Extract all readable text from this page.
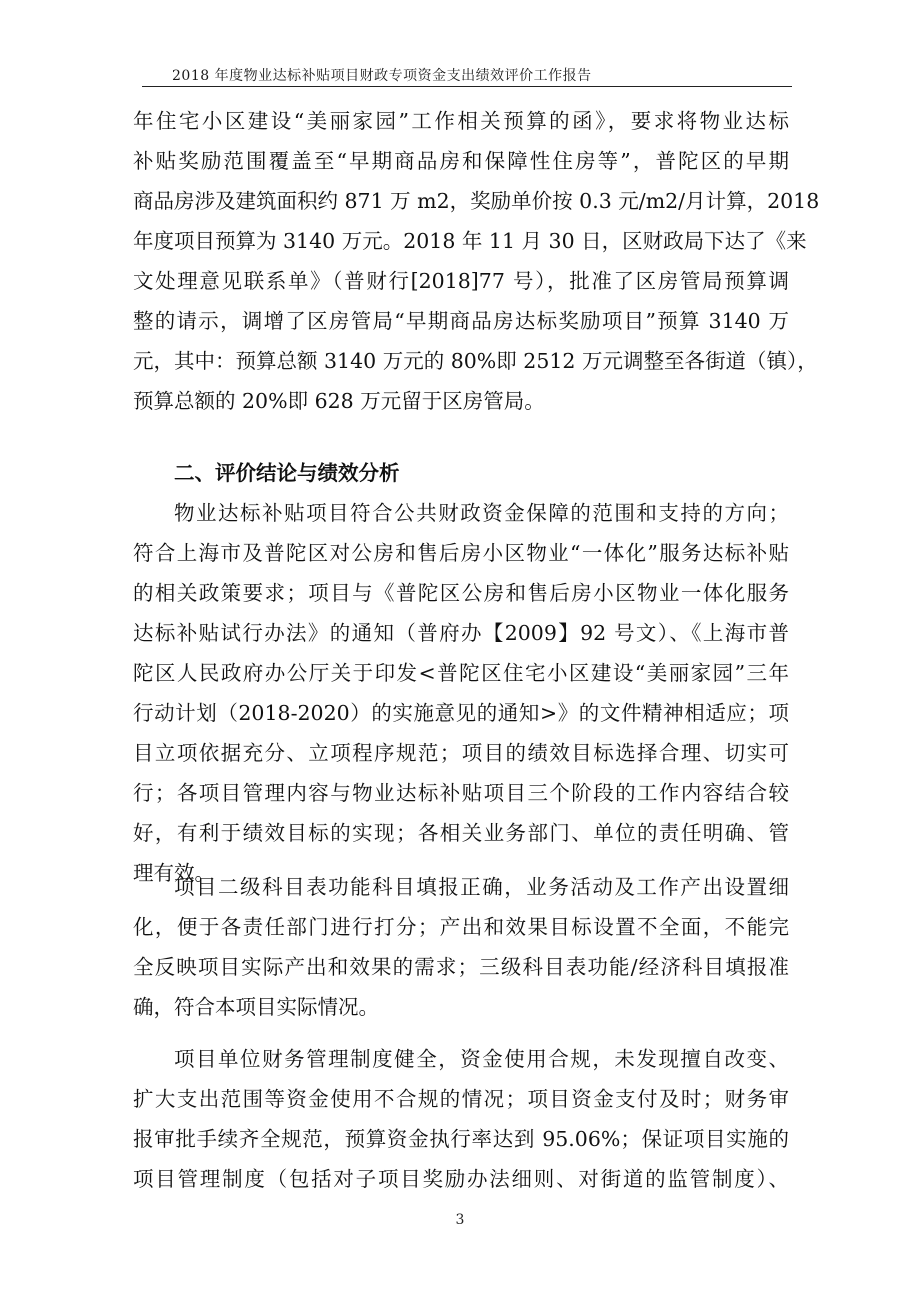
2018 年度物业达标补贴项目财政专项资金支出绩效评价工作报告
年住宅小区建设“美丽家园”工作相关预算的函》，要求将物业达标
补贴奖励范围覆盖至“早期商品房和保障性住房等”，普陀区的早期
商品房涉及建筑面积约 871 万 m2，奖励单价按 0.3 元/m2/月计算，2018
年度项目预算为 3140 万元。2018 年 11 月 30 日，区财政局下达了《来
文处理意见联系单》（普财行[2018]77 号），批准了区房管局预算调
整的请示，调增了区房管局“早期商品房达标奖励项目”预算 3140 万
元，其中：预算总额 3140 万元的 80%即 2512 万元调整至各街道（镇），
预算总额的 20%即 628 万元留于区房管局。
二、评价结论与绩效分析
物业达标补贴项目符合公共财政资金保障的范围和支持的方向；
符合上海市及普陀区对公房和售后房小区物业“一体化”服务达标补贴
的相关政策要求；项目与《普陀区公房和售后房小区物业一体化服务
达标补贴试行办法》的通知（普府办【2009】92 号文）、《上海市普
陀区人民政府办公厅关于印发<普陀区住宅小区建设“美丽家园”三年
行动计划（2018-2020）的实施意见的通知>》的文件精神相适应；项
目立项依据充分、立项程序规范；项目的绩效目标选择合理、切实可
行；各项目管理内容与物业达标补贴项目三个阶段的工作内容结合较
好，有利于绩效目标的实现；各相关业务部门、单位的责任明确、管
理有效。
项目二级科目表功能科目填报正确，业务活动及工作产出设置细
化，便于各责任部门进行打分；产出和效果目标设置不全面，不能完
全反映项目实际产出和效果的需求；三级科目表功能/经济科目填报准
确，符合本项目实际情况。
项目单位财务管理制度健全，资金使用合规，未发现擅自改变、
扩大支出范围等资金使用不合规的情况；项目资金支付及时；财务审
报审批手续齐全规范，预算资金执行率达到 95.06%；保证项目实施的
3
项目管理制度（包括对子项目奖励办法细则、对街道的监管制度）、
